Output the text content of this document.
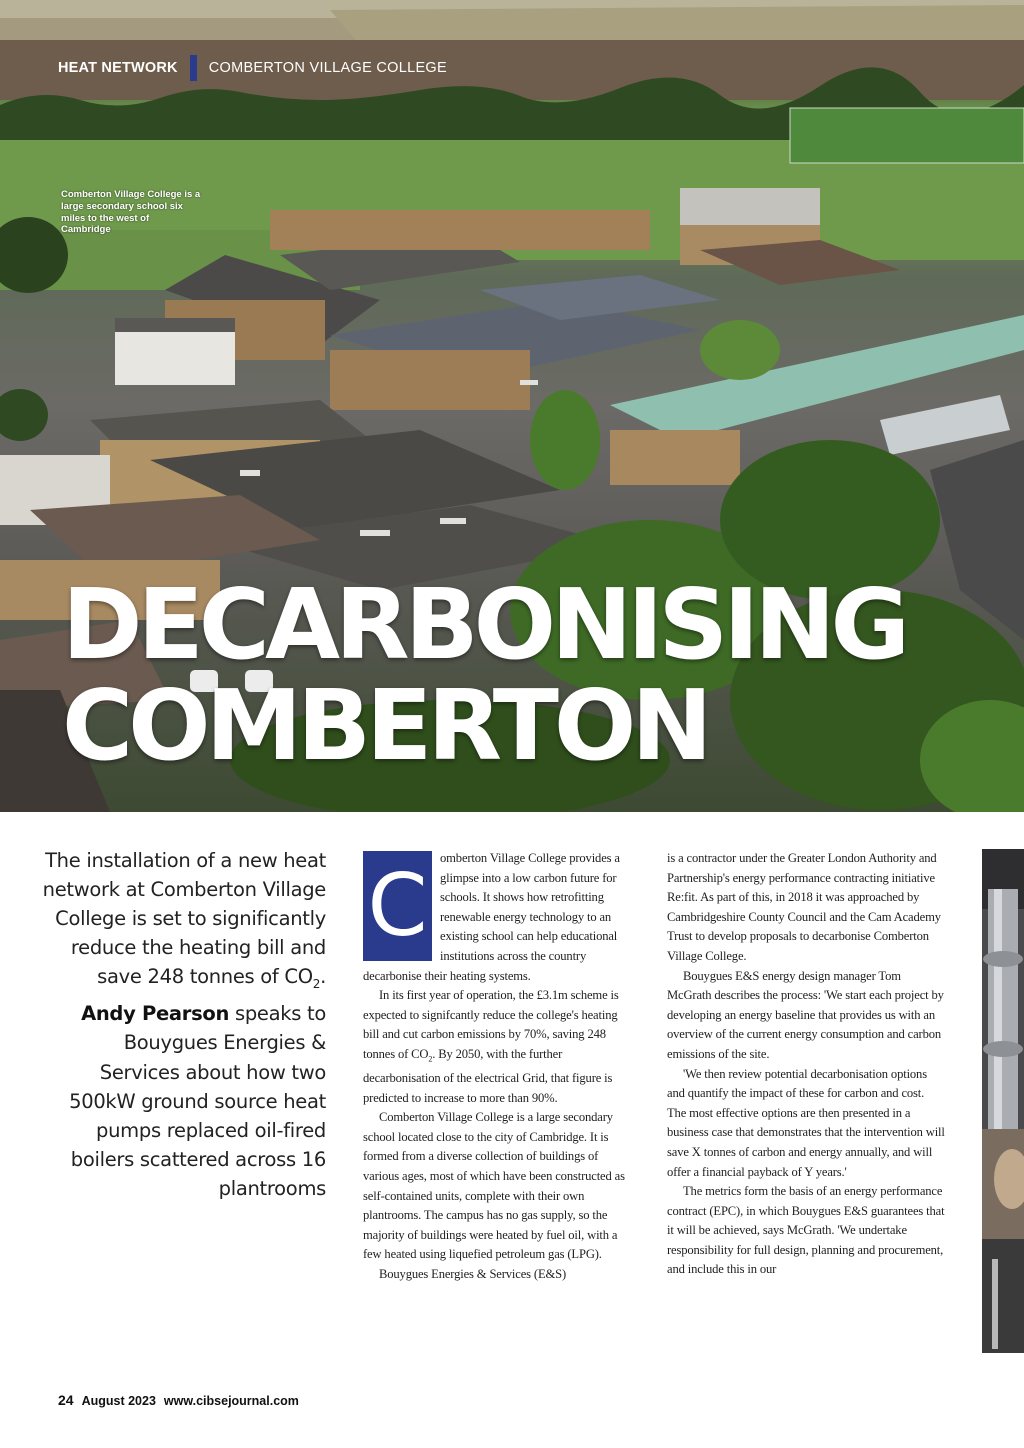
HEAT NETWORK COMBERTON VILLAGE COLLEGE
Comberton Village College is a large secondary school six miles to the west of Cambridge
DECARBONISING
COMBERTON
The installation of a new heat network at Comberton Village College is set to significantly reduce the heating bill and save 248 tonnes of $CO_2$. Andy Pearson speaks to Bouygues Energies & Services about how two 500kW ground source heat pumps replaced oil-fired boilers scattered across 16 plantrooms
C omberton Village College provides a glimpse into a low carbon future for schools. It shows how retrofitting renewable energy technology to an existing school can help educational institutions across the country decarbonise their heating systems.

In its first year of operation, the £3.1m scheme is expected to signifcantly reduce the college's heating bill and cut carbon emissions by 70%, saving 248 tonnes of $CO_2$. By 2050, with the further decarbonisation of the electrical Grid, that figure is predicted to increase to more than 90%.

Comberton Village College is a large secondary school located close to the city of Cambridge. It is formed from a diverse collection of buildings of various ages, most of which have been constructed as self-contained units, complete with their own plantrooms. The campus has no gas supply, so the majority of buildings were heated by fuel oil, with a few heated using liquefied petroleum gas (LPG).

Bouygues Energies & Services (E&S)

is a contractor under the Greater London Authority and Partnership's energy performance contracting initiative Re:fit. As part of this, in 2018 it was approached by Cambridgeshire County Council and the Cam Academy Trust to develop proposals to decarbonise Comberton Village College.

Bouygues E&S energy design manager Tom McGrath describes the process: 'We start each project by developing an energy baseline that provides us with an overview of the current energy consumption and carbon emissions of the site.

'We then review potential decarbonisation options and quantify the impact of these for carbon and cost. The most effective options are then presented in a business case that demonstrates that the intervention will save X tonnes of carbon and energy annually, and will offer a financial payback of Y years.'

The metrics form the basis of an energy performance contract (EPC), in which Bouygues E&S guarantees that it will be achieved, says McGrath. 'We undertake responsibility for full design, planning and procurement, and include this in our

24 August 2023 www.cibsejournal.com
